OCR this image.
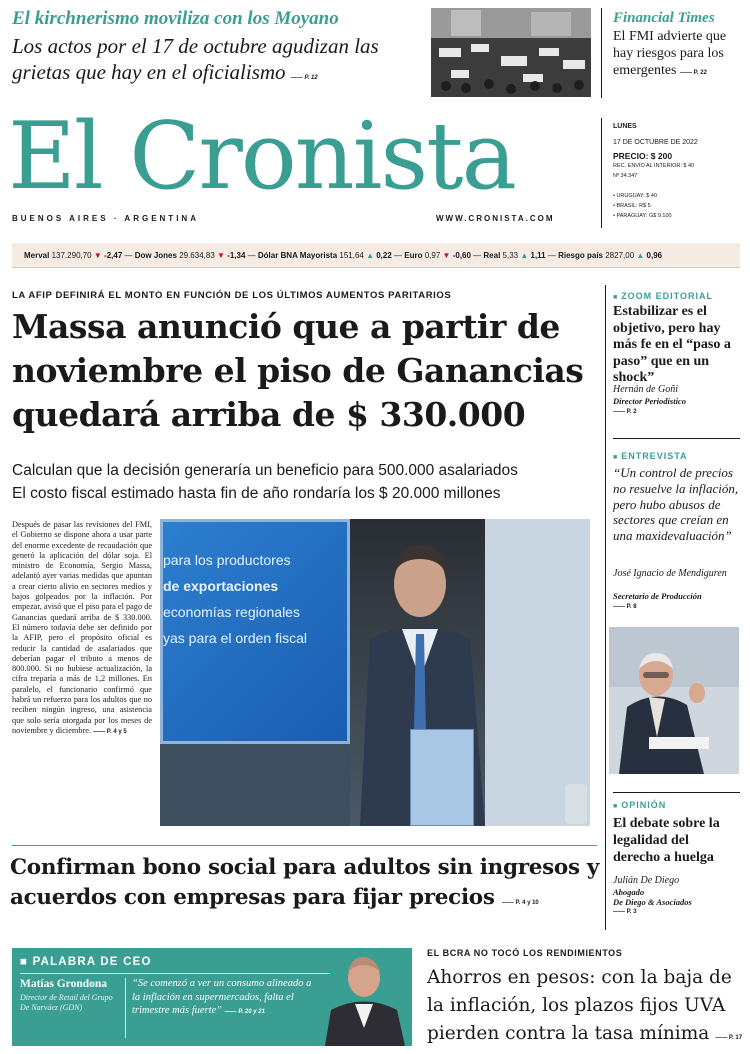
El kirchnerismo moviliza con los Moyano
Los actos por el 17 de octubre agudizan las grietas que hay en el oficialismo	—— P. 12
Financial Times
El FMI advierte que hay riesgos para los emergentes	—— P. 22
El Cronista
BUENOS AIRES · ARGENTINA	WWW.CRONISTA.COM
LUNES
17 DE OCTUBRE DE 2022
PRECIO: $ 200
REC. ENVÍO AL INTERIOR: $ 40
Nº 34.347
• URUGUAY: $ 40
• BRASIL: R$ 5
• PARAGUAY: G$ 9.100
Merval 137.290,70 ▼ -2,47 — Dow Jones 29.634,83 ▼ -1,34 — Dólar BNA Mayorista 151,64 ▲ 0,22 — Euro 0,97 ▼ -0,60 — Real 5,33 ▲ 1,11 — Riesgo país 2827,00 ▲ 0,96
LA AFIP DEFINIRÁ EL MONTO EN FUNCIÓN DE LOS ÚLTIMOS AUMENTOS PARITARIOS
Massa anunció que a partir de noviembre el piso de Ganancias quedará arriba de $ 330.000
Calculan que la decisión generaría un beneficio para 500.000 asalariados
El costo fiscal estimado hasta fin de año rondaría los $ 20.000 millones
Después de pasar las revisiones del FMI, el Gobierno se dispone ahora a usar parte del enorme excedente de recaudación que generó la aplicación del dólar soja. El ministro de Economía, Sergio Massa, adelantó ayer varias medidas que apuntan a crear cierto alivio en sectores medios y bajos golpeados por la inflación. Por empezar, avisó que el piso para el pago de Ganancias quedará arriba de $ 330.000. El número todavía debe ser definido por la AFIP, pero el propósito oficial es reducir la cantidad de asalariados que deberían pagar el tributo a menos de 800.000. Si no hubiese actualización, la cifra treparía a más de 1,2 millones. En paralelo, el funcionario confirmó que habrá un refuerzo para los adultos que no reciben ningún ingreso, una asistencia que solo sería otorgada por los meses de noviembre y diciembre.	—— P. 4 y 5
para los productores
de exportaciones
economías regionales
yas para el orden fiscal
Confirman bono social para adultos sin ingresos y acuerdos con empresas para fijar precios	—— P. 4 y 10
■ ZOOM EDITORIAL
Estabilizar es el objetivo, pero hay más fe en el “paso a paso” que en un shock”
Hernán de Goñi
Director Periodístico
—— P. 2
■ ENTREVISTA
“Un control de precios no resuelve la inflación, pero hubo abusos de sectores que creían en una maxidevaluación”
José Ignacio de Mendiguren
Secretario de Producción
—— P. 8
■ OPINIÓN
El debate sobre la legalidad del derecho a huelga
Julián De Diego
Abogado
De Diego & Asociados
—— P. 3
■ PALABRA DE CEO
Matías Grondona
Director de Retail del Grupo De Narváez (GDN)
“Se comenzó a ver un consumo alineado a la inflación en supermercados, falta el trimestre más fuerte”	—— P. 20 y 21
EL BCRA NO TOCÓ LOS RENDIMIENTOS
Ahorros en pesos: con la baja de la inflación, los plazos fijos UVA pierden contra la tasa mínima	—— P. 17
